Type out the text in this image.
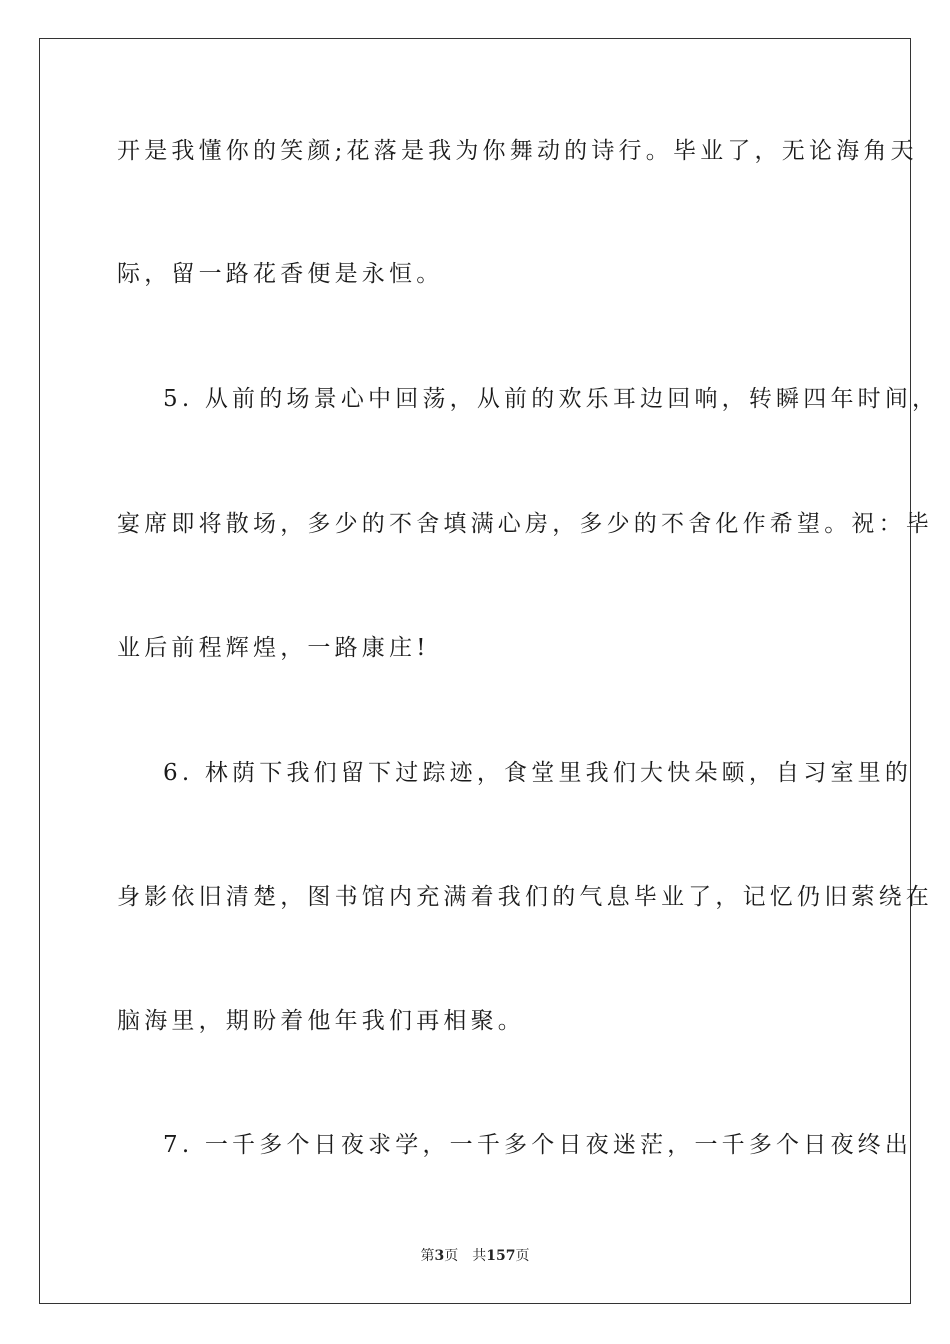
开是我懂你的笑颜;花落是我为你舞动的诗行。毕业了，无论海角天
际，留一路花香便是永恒。
5. 从前的场景心中回荡，从前的欢乐耳边回响，转瞬四年时间，
宴席即将散场，多少的不舍填满心房，多少的不舍化作希望。祝：毕
业后前程辉煌，一路康庄!
6. 林荫下我们留下过踪迹，食堂里我们大快朵颐，自习室里的
身影依旧清楚，图书馆内充满着我们的气息毕业了，记忆仍旧萦绕在
脑海里，期盼着他年我们再相聚。
7. 一千多个日夜求学，一千多个日夜迷茫，一千多个日夜终出
第3页 共157页
